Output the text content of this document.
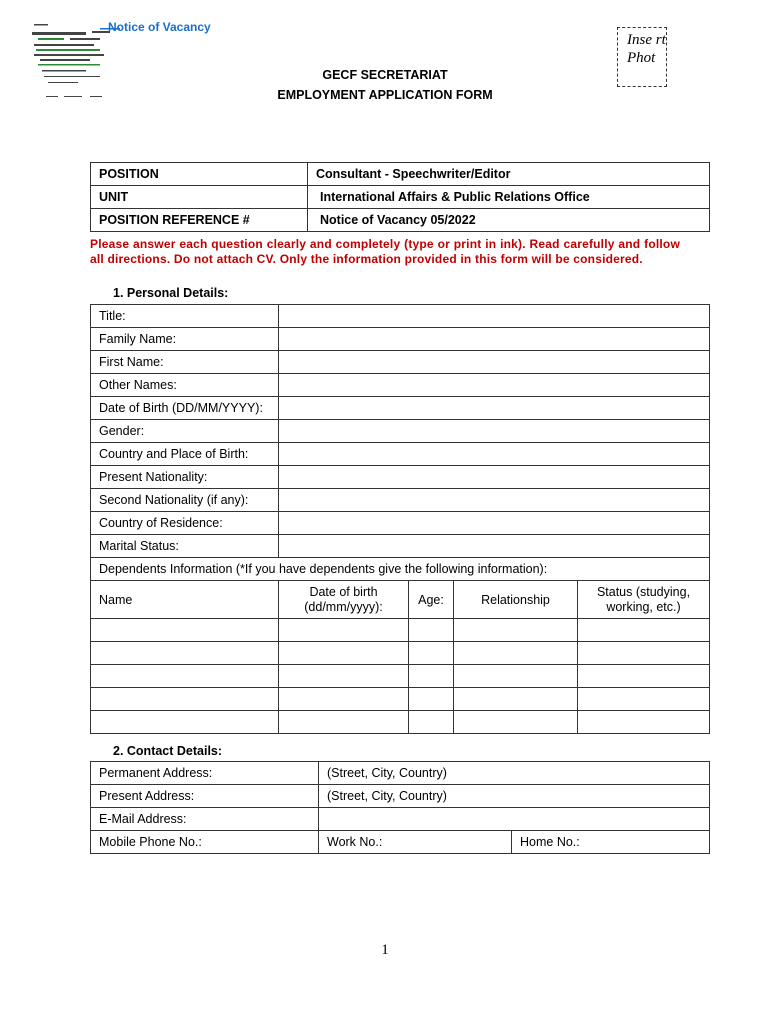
Notice of Vacancy
Inse rt Phot
GECF SECRETARIAT
EMPLOYMENT APPLICATION FORM
POSITION	Consultant - Speechwriter/Editor
UNIT	International Affairs & Public Relations Office
POSITION REFERENCE #	Notice of Vacancy 05/2022
Please answer each question clearly and completely (type or print in ink). Read carefully and follow all directions. Do not attach CV. Only the information provided in this form will be considered.
1. Personal Details:
Title:				
Family Name:				
First Name:				
Other Names:				
Date of Birth (DD/MM/YYYY):				
Gender:				
Country and Place of Birth:				
Present Nationality:				
Second Nationality (if any):				
Country of Residence:				
Marital Status:				
Dependents Information (*If you have dependents give the following information):				
Name	Date of birth (dd/mm/yyyy):	Age:	Relationship	Status (studying, working, etc.)

2. Contact Details:
Permanent Address:	(Street, City, Country)	
Present Address:	(Street, City, Country)	
E-Mail Address:		
Mobile Phone No.:	Work No.:	Home No.:
1
